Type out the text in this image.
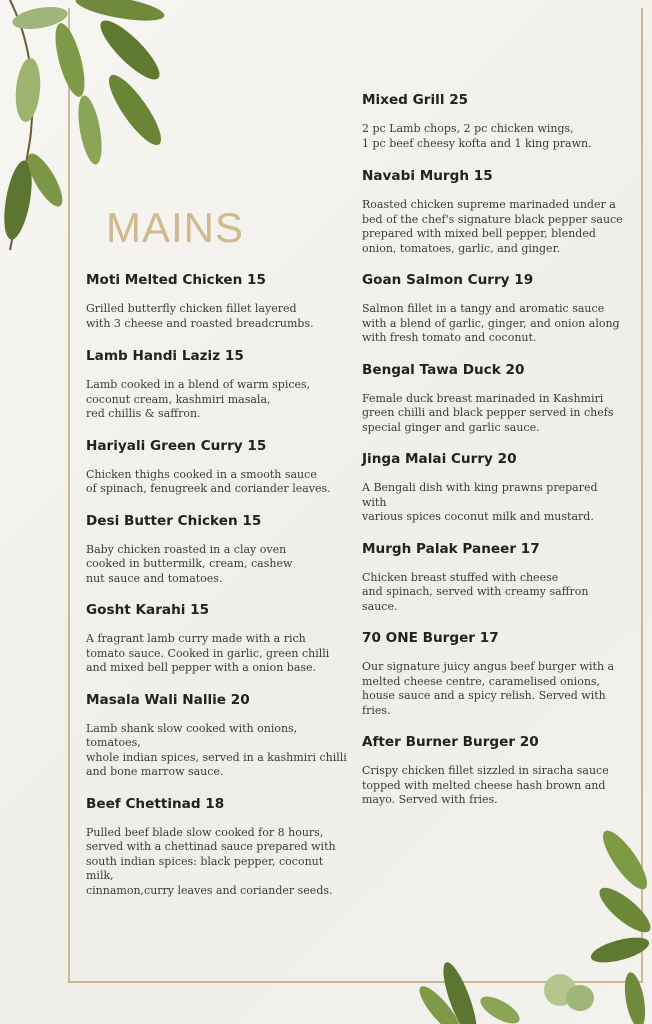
MAINS

Moti Melted Chicken 15

Grilled butterfly chicken fillet layered
with 3 cheese and roasted breadcrumbs.

Lamb Handi Laziz 15

Lamb cooked in a blend of warm spices,
coconut cream, kashmiri masala,
red chillis & saffron.

Hariyali Green Curry 15

Chicken thighs cooked in a smooth sauce
of spinach, fenugreek and coriander leaves.

Desi Butter Chicken 15

Baby chicken roasted in a clay oven
cooked in buttermilk, cream, cashew
nut sauce and tomatoes.

Gosht Karahi 15

A fragrant lamb curry made with a rich
tomato sauce. Cooked in garlic, green chilli
and mixed bell pepper with a onion base.

Masala Wali Nallie 20

Lamb shank slow cooked with onions, tomatoes,
whole indian spices, served in a kashmiri chilli
and bone marrow sauce.

Beef Chettinad 18

Pulled beef blade slow cooked for 8 hours,
served with a chettinad sauce prepared with
south indian spices: black pepper, coconut milk,
cinnamon,curry leaves and coriander seeds.

Mixed Grill 25

2 pc Lamb chops, 2 pc chicken wings,
1 pc beef cheesy kofta and 1 king prawn.

Navabi Murgh 15

Roasted chicken supreme marinaded under a
bed of the chef's signature black pepper sauce
prepared with mixed bell pepper, blended
onion, tomatoes, garlic, and ginger.

Goan Salmon Curry 19

Salmon fillet in a tangy and aromatic sauce
with a blend of garlic, ginger, and onion along
with fresh tomato and coconut.

Bengal Tawa Duck 20

Female duck breast marinaded in Kashmiri
green chilli and black pepper served in chefs
special ginger and garlic sauce.

Jinga Malai Curry 20

A Bengali dish with king prawns prepared with
various spices coconut milk and mustard.

Murgh Palak Paneer 17

Chicken breast stuffed with cheese
and spinach, served with creamy saffron sauce.

70 ONE Burger 17

Our signature juicy angus beef burger with a
melted cheese centre, caramelised onions,
house sauce and a spicy relish. Served with fries.

After Burner Burger 20

Crispy chicken fillet sizzled in siracha sauce
topped with melted cheese hash brown and
mayo. Served with fries.
